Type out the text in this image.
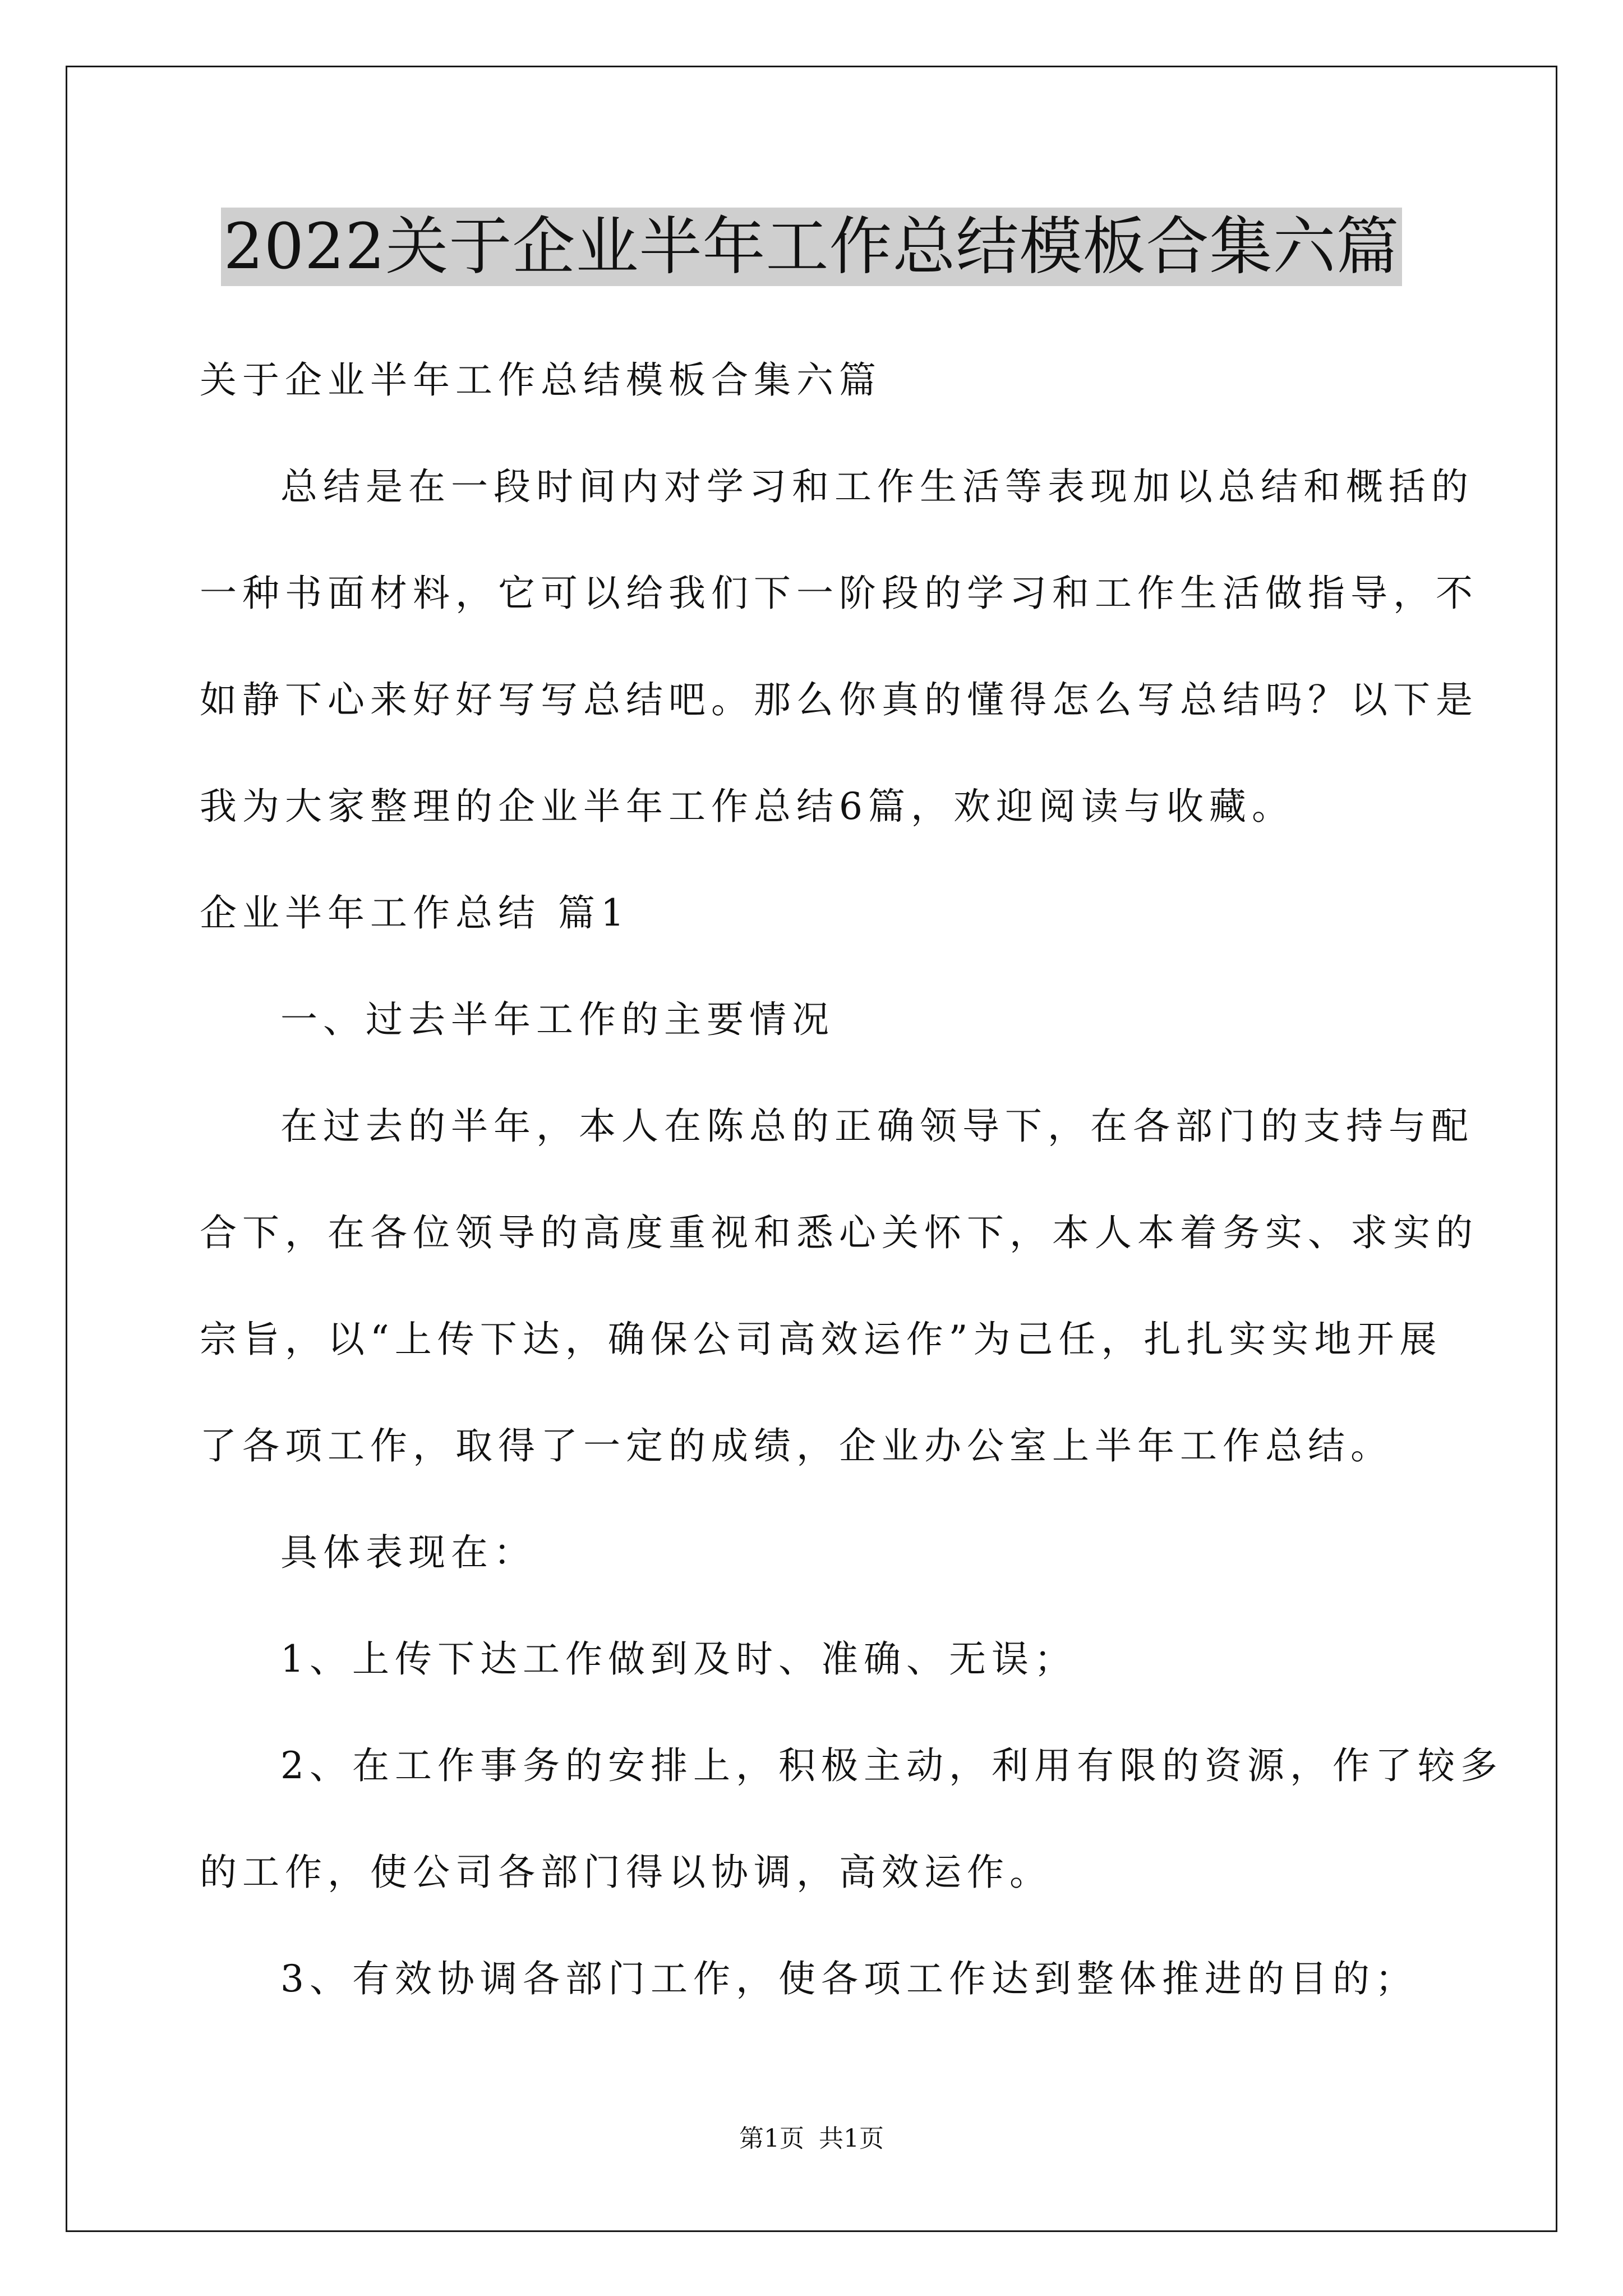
2022关于企业半年工作总结模板合集六篇
关于企业半年工作总结模板合集六篇
总结是在一段时间内对学习和工作生活等表现加以总结和概括的
一种书面材料，它可以给我们下一阶段的学习和工作生活做指导，不
如静下心来好好写写总结吧。那么你真的懂得怎么写总结吗？以下是
我为大家整理的企业半年工作总结6篇，欢迎阅读与收藏。
企业半年工作总结 篇1
一、过去半年工作的主要情况
在过去的半年，本人在陈总的正确领导下，在各部门的支持与配
合下，在各位领导的高度重视和悉心关怀下，本人本着务实、求实的
宗旨，以“上传下达，确保公司高效运作”为己任，扎扎实实地开展
了各项工作，取得了一定的成绩，企业办公室上半年工作总结。
具体表现在：
1、上传下达工作做到及时、准确、无误；
2、在工作事务的安排上，积极主动，利用有限的资源，作了较多
的工作，使公司各部门得以协调，高效运作。
3、有效协调各部门工作，使各项工作达到整体推进的目的；
第1页 共1页
